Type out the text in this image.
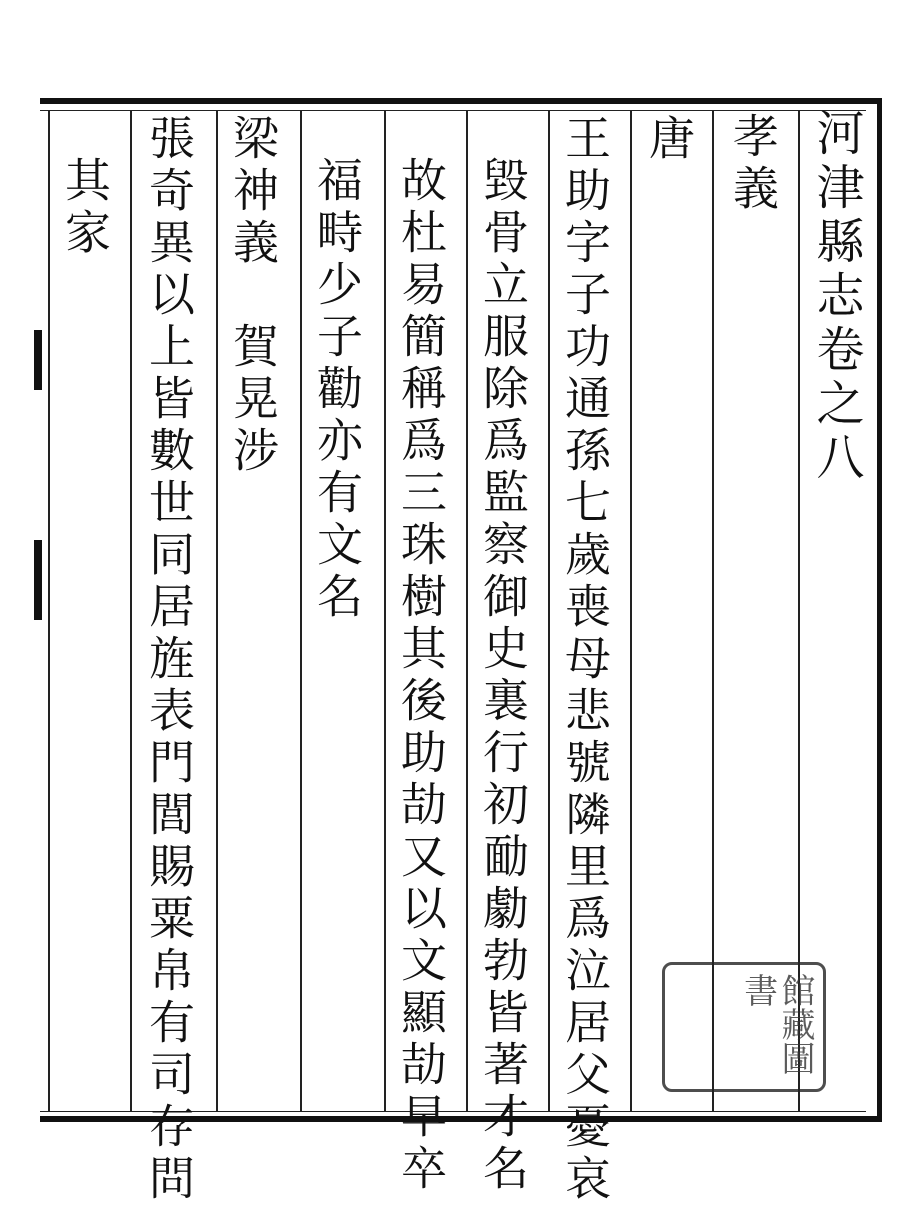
河津縣志卷之八
孝義
唐
王助字子功通孫七歲喪母悲號隣里爲泣居父憂哀
毀骨立服除爲監察御史裏行初勔勮勃皆著才名
故杜易簡稱爲三珠樹其後助劼又以文顯劼早卒
福畤少子勸亦有文名
梁神義　賀晃涉
張奇異以上皆數世同居旌表門閭賜粟帛有司存問
其家
館藏圖書
